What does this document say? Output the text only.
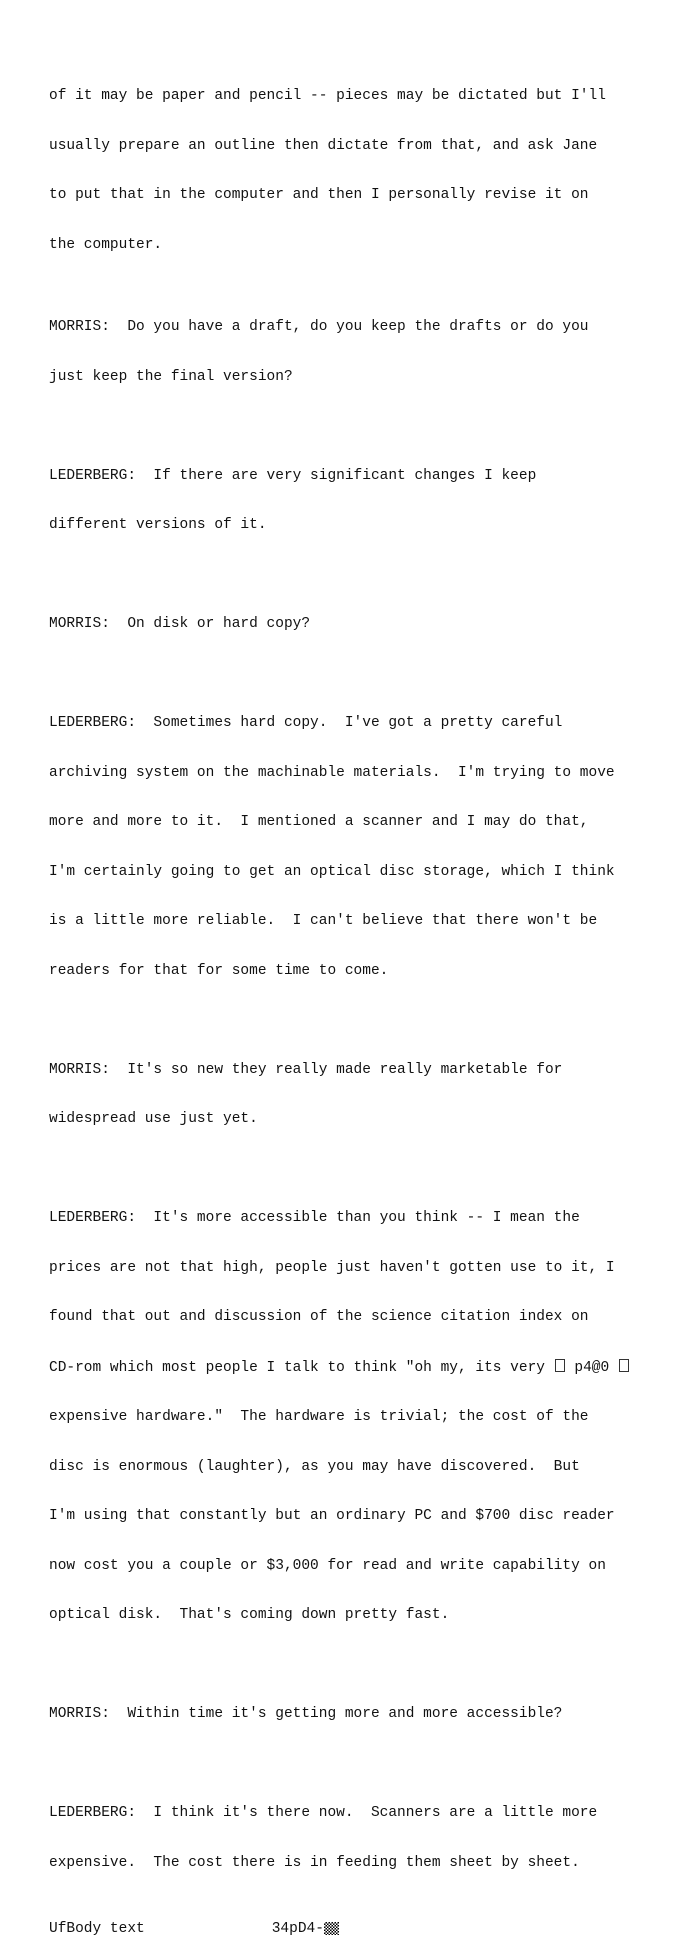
of it may be paper and pencil -- pieces may be dictated but I'll

usually prepare an outline then dictate from that, and ask Jane

to put that in the computer and then I personally revise it on

the computer.

MORRIS:  Do you have a draft, do you keep the drafts or do you

just keep the final version?

LEDERBERG:  If there are very significant changes I keep

different versions of it.

MORRIS:  On disk or hard copy?

LEDERBERG:  Sometimes hard copy.  I've got a pretty careful

archiving system on the machinable materials.  I'm trying to move

more and more to it.  I mentioned a scanner and I may do that,

I'm certainly going to get an optical disc storage, which I think

is a little more reliable.  I can't believe that there won't be

readers for that for some time to come.

MORRIS:  It's so new they really made really marketable for

widespread use just yet.

LEDERBERG:  It's more accessible than you think -- I mean the

prices are not that high, people just haven't gotten use to it, I

found that out and discussion of the science citation index on

CD-rom which most people I talk to think "oh my, its very  p4@0

expensive hardware."  The hardware is trivial; the cost of the

disc is enormous (laughter), as you may have discovered.  But

I'm using that constantly but an ordinary PC and $700 disc reader

now cost you a couple or $3,000 for read and write capability on

optical disk.  That's coming down pretty fast.

MORRIS:  Within time it's getting more and more accessible?

LEDERBERG:  I think it's there now.  Scanners are a little more

expensive.  The cost there is in feeding them sheet by sheet.

UfBody text	34pD4-
